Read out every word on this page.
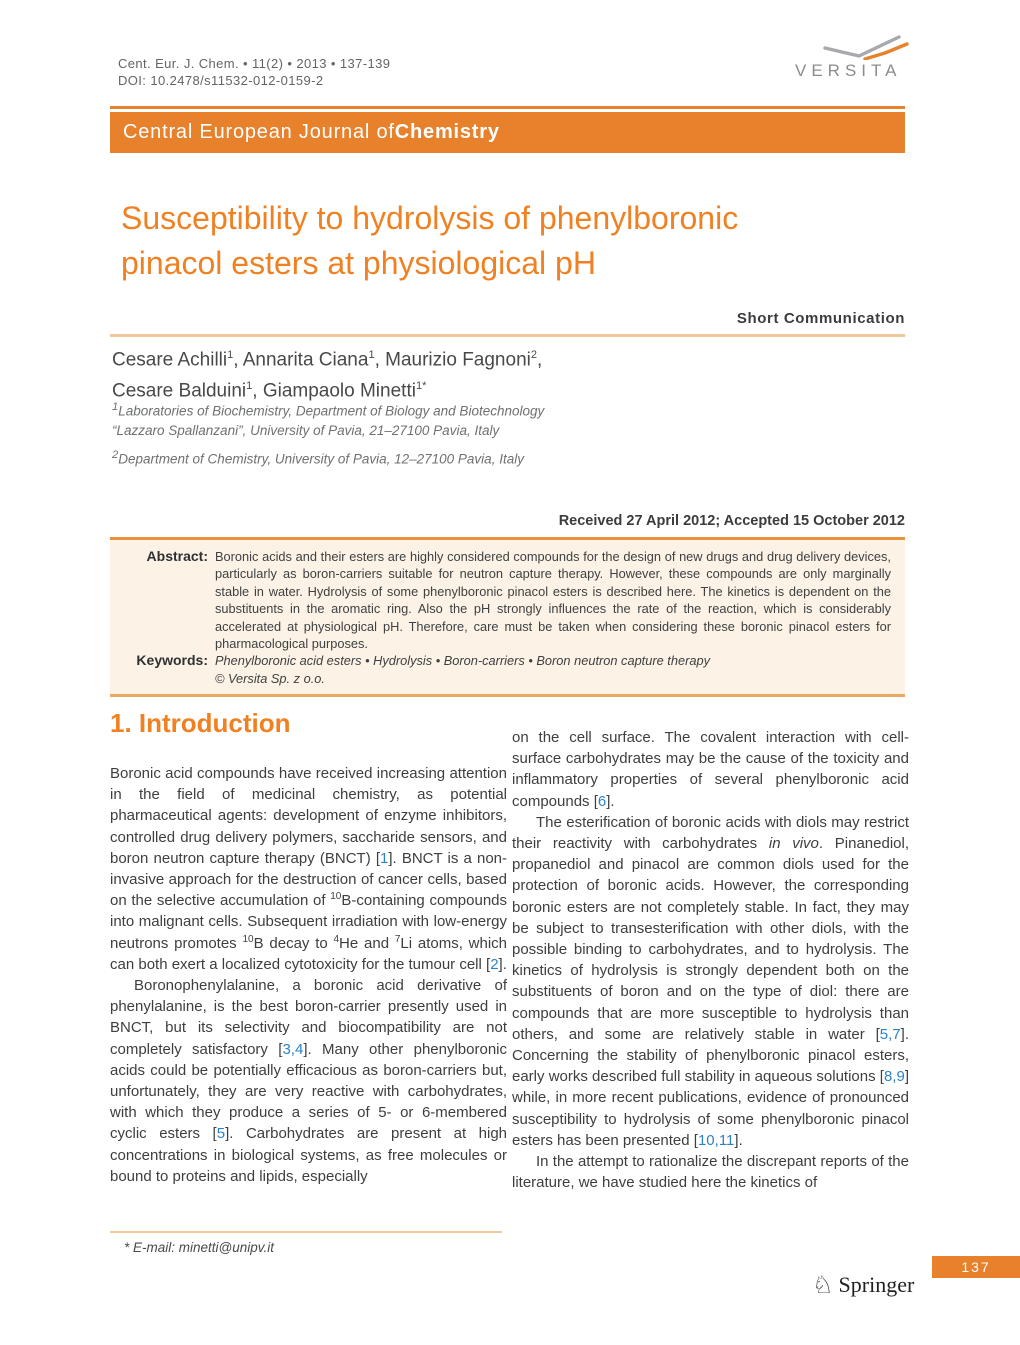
Cent. Eur. J. Chem. • 11(2) • 2013 • 137-139
DOI: 10.2478/s11532-012-0159-2
VERSITA
Central European Journal of Chemistry
Susceptibility to hydrolysis of phenylboronic
pinacol esters at physiological pH
Short Communication
Cesare Achilli$^1$, Annarita Ciana$^1$, Maurizio Fagnoni$^2$,
Cesare Balduini$^1$, Giampaolo Minetti$^{1*}$
$^1$Laboratories of Biochemistry, Department of Biology and Biotechnology
“Lazzaro Spallanzani”, University of Pavia, 21–27100 Pavia, Italy
$^2$Department of Chemistry, University of Pavia, 12–27100 Pavia, Italy
Received 27 April 2012; Accepted 15 October 2012
Abstract: Boronic acids and their esters are highly considered compounds for the design of new drugs and drug delivery devices, particularly as boron-carriers suitable for neutron capture therapy. However, these compounds are only marginally stable in water. Hydrolysis of some phenylboronic pinacol esters is described here. The kinetics is dependent on the substituents in the aromatic ring. Also the pH strongly influences the rate of the reaction, which is considerably accelerated at physiological pH. Therefore, care must be taken when considering these boronic pinacol esters for pharmacological purposes.
Keywords: Phenylboronic acid esters • Hydrolysis • Boron-carriers • Boron neutron capture therapy
© Versita Sp. z o.o.
1. Introduction

Boronic acid compounds have received increasing attention in the field of medicinal chemistry, as potential pharmaceutical agents: development of enzyme inhibitors, controlled drug delivery polymers, saccharide sensors, and boron neutron capture therapy (BNCT) [1]. BNCT is a non-invasive approach for the destruction of cancer cells, based on the selective accumulation of $^{10}$B-containing compounds into malignant cells. Subsequent irradiation with low-energy neutrons promotes $^{10}$B decay to $^4$He and $^7$Li atoms, which can both exert a localized cytotoxicity for the tumour cell [2].

Boronophenylalanine, a boronic acid derivative of phenylalanine, is the best boron-carrier presently used in BNCT, but its selectivity and biocompatibility are not completely satisfactory [3,4]. Many other phenylboronic acids could be potentially efficacious as boron-carriers but, unfortunately, they are very reactive with carbohydrates, with which they produce a series of 5- or 6-membered cyclic esters [5]. Carbohydrates are present at high concentrations in biological systems, as free molecules or bound to proteins and lipids, especially

on the cell surface. The covalent interaction with cell-surface carbohydrates may be the cause of the toxicity and inflammatory properties of several phenylboronic acid compounds [6].

The esterification of boronic acids with diols may restrict their reactivity with carbohydrates in vivo. Pinanediol, propanediol and pinacol are common diols used for the protection of boronic acids. However, the corresponding boronic esters are not completely stable. In fact, they may be subject to transesterification with other diols, with the possible binding to carbohydrates, and to hydrolysis. The kinetics of hydrolysis is strongly dependent both on the substituents of boron and on the type of diol: there are compounds that are more susceptible to hydrolysis than others, and some are relatively stable in water [5,7]. Concerning the stability of phenylboronic pinacol esters, early works described full stability in aqueous solutions [8,9] while, in more recent publications, evidence of pronounced susceptibility to hydrolysis of some phenylboronic pinacol esters has been presented [10,11].

In the attempt to rationalize the discrepant reports of the literature, we have studied here the kinetics of

* E-mail: minetti@unipv.it
137
♘ Springer
